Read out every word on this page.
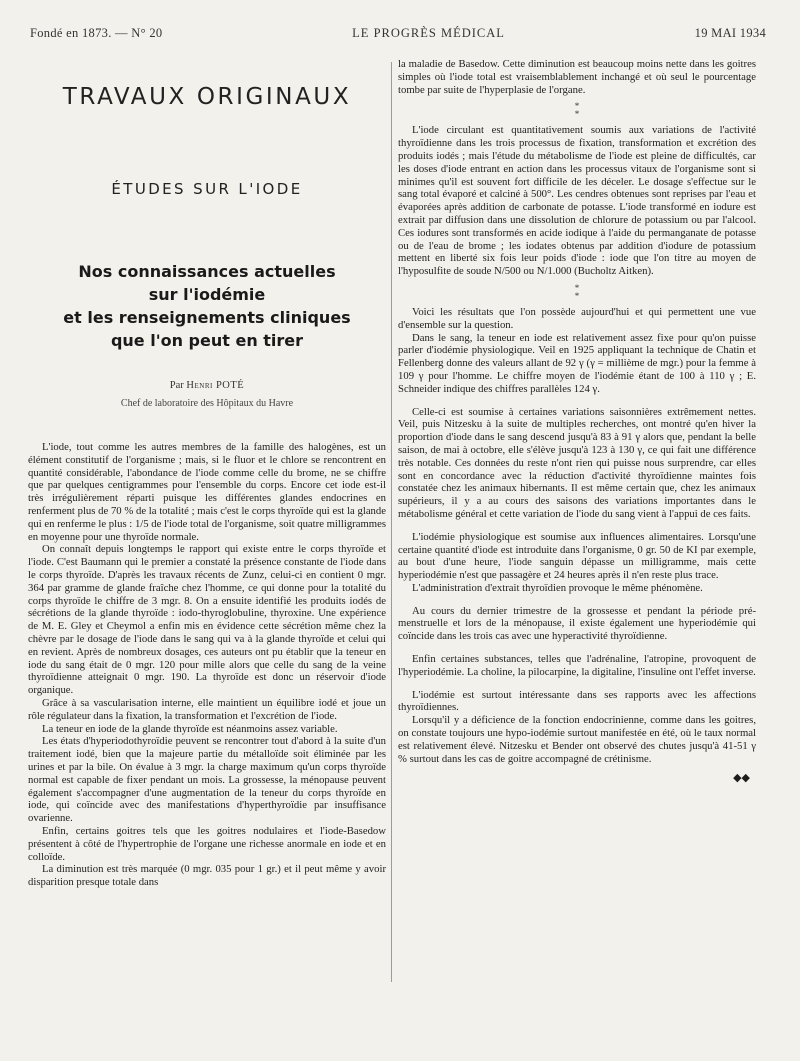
Fondé en 1873. — N° 20	LE PROGRÈS MÉDICAL	19 MAI 1934
TRAVAUX ORIGINAUX
ÉTUDES SUR L'IODE
Nos connaissances actuelles
sur l'iodémie
et les renseignements cliniques
que l'on peut en tirer
Par Henri POTÉ
Chef de laboratoire des Hôpitaux du Havre

L'iode, tout comme les autres membres de la famille des halogènes, est un élément constitutif de l'organisme ; mais, si le fluor et le chlore se rencontrent en quantité considérable, l'abondance de l'iode comme celle du brome, ne se chiffre que par quelques centigrammes pour l'ensemble du corps. Encore cet iode est-il très irrégulièrement réparti puisque les différentes glandes endocrines en renferment plus de 70 % de la totalité ; mais c'est le corps thyroïde qui est la glande qui en renferme le plus : 1/5 de l'iode total de l'organisme, soit quatre milligrammes en moyenne pour une thyroïde normale.

On connaît depuis longtemps le rapport qui existe entre le corps thyroïde et l'iode. C'est Baumann qui le premier a constaté la présence constante de l'iode dans le corps thyroïde. D'après les travaux récents de Zunz, celui-ci en contient 0 mgr. 364 par gramme de glande fraîche chez l'homme, ce qui donne pour la totalité du corps thyroïde le chiffre de 3 mgr. 8. On a ensuite identifié les produits iodés de sécrétions de la glande thyroïde : iodo-thyroglobuline, thyroxine. Une expérience de M. E. Gley et Cheymol a enfin mis en évidence cette sécrétion même chez la chèvre par le dosage de l'iode dans le sang qui va à la glande thyroïde et celui qui en revient. Après de nombreux dosages, ces auteurs ont pu établir que la teneur en iode du sang était de 0 mgr. 120 pour mille alors que celle du sang de la veine thyroïdienne atteignait 0 mgr. 190. La thyroïde est donc un réservoir d'iode organique.

Grâce à sa vascularisation interne, elle maintient un équilibre iodé et joue un rôle régulateur dans la fixation, la transformation et l'excrétion de l'iode.

La teneur en iode de la glande thyroïde est néanmoins assez variable.

Les états d'hyperiodothyroïdie peuvent se rencontrer tout d'abord à la suite d'un traitement iodé, bien que la majeure partie du métalloïde soit éliminée par les urines et par la bile. On évalue à 3 mgr. la charge maximum qu'un corps thyroïde normal est capable de fixer pendant un mois. La grossesse, la ménopause peuvent également s'accompagner d'une augmentation de la teneur du corps thyroïde en iode, qui coïncide avec des manifestations d'hyperthyroïdie par insuffisance ovarienne.

Enfin, certains goitres tels que les goitres nodulaires et l'iode-Basedow présentent à côté de l'hypertrophie de l'organe une richesse anormale en iode et en colloïde.

La diminution est très marquée (0 mgr. 035 pour 1 gr.) et il peut même y avoir disparition presque totale dans

la maladie de Basedow. Cette diminution est beaucoup moins nette dans les goitres simples où l'iode total est vraisemblablement inchangé et où seul le pourcentage tombe par suite de l'hyperplasie de l'organe.

*
*

L'iode circulant est quantitativement soumis aux variations de l'activité thyroïdienne dans les trois processus de fixation, transformation et excrétion des produits iodés ; mais l'étude du métabolisme de l'iode est pleine de difficultés, car les doses d'iode entrant en action dans les processus vitaux de l'organisme sont si minimes qu'il est souvent fort difficile de les déceler. Le dosage s'effectue sur le sang total évaporé et calciné à 500°. Les cendres obtenues sont reprises par l'eau et évaporées après addition de carbonate de potasse. L'iode transformé en iodure est extrait par diffusion dans une dissolution de chlorure de potassium ou par l'alcool. Ces iodures sont transformés en acide iodique à l'aide du permanganate de potasse ou de l'eau de brome ; les iodates obtenus par addition d'iodure de potassium mettent en liberté six fois leur poids d'iode : iode que l'on titre au moyen de l'hyposulfite de soude N/500 ou N/1.000 (Bucholtz Aitken).

*
*

Voici les résultats que l'on possède aujourd'hui et qui permettent une vue d'ensemble sur la question.

Dans le sang, la teneur en iode est relativement assez fixe pour qu'on puisse parler d'iodémie physiologique. Veil en 1925 appliquant la technique de Chatin et Fellenberg donne des valeurs allant de 92 γ (γ = millième de mgr.) pour la femme à 109 γ pour l'homme. Le chiffre moyen de l'iodémie étant de 100 à 110 γ ; E. Schneider indique des chiffres parallèles 124 γ.

Celle-ci est soumise à certaines variations saisonnières extrêmement nettes. Veil, puis Nitzesku à la suite de multiples recherches, ont montré qu'en hiver la proportion d'iode dans le sang descend jusqu'à 83 à 91 γ alors que, pendant la belle saison, de mai à octobre, elle s'élève jusqu'à 123 à 130 γ, ce qui fait une différence très notable. Ces données du reste n'ont rien qui puisse nous surprendre, car elles sont en concordance avec la réduction d'activité thyroïdienne maintes fois constatée chez les animaux hibernants. Il est même certain que, chez les animaux supérieurs, il y a au cours des saisons des variations importantes dans le métabolisme général et cette variation de l'iode du sang vient à l'appui de ces faits.

L'iodémie physiologique est soumise aux influences alimentaires. Lorsqu'une certaine quantité d'iode est introduite dans l'organisme, 0 gr. 50 de KI par exemple, au bout d'une heure, l'iode sanguin dépasse un milligramme, mais cette hyperiodémie n'est que passagère et 24 heures après il n'en reste plus trace.

L'administration d'extrait thyroïdien provoque le même phénomène.

Au cours du dernier trimestre de la grossesse et pendant la période pré-menstruelle et lors de la ménopause, il existe également une hyperiodémie qui coïncide dans les trois cas avec une hyperactivité thyroïdienne.

Enfin certaines substances, telles que l'adrénaline, l'atropine, provoquent de l'hyperiodémie. La choline, la pilocarpine, la digitaline, l'insuline ont l'effet inverse.

L'iodémie est surtout intéressante dans ses rapports avec les affections thyroïdiennes.

Lorsqu'il y a déficience de la fonction endocrinienne, comme dans les goitres, on constate toujours une hypo-iodémie surtout manifestée en été, où le taux normal est relativement élevé. Nitzesku et Bender ont observé des chutes jusqu'à 41-51 γ % surtout dans les cas de goitre accompagné de crétinisme.

◆◆
